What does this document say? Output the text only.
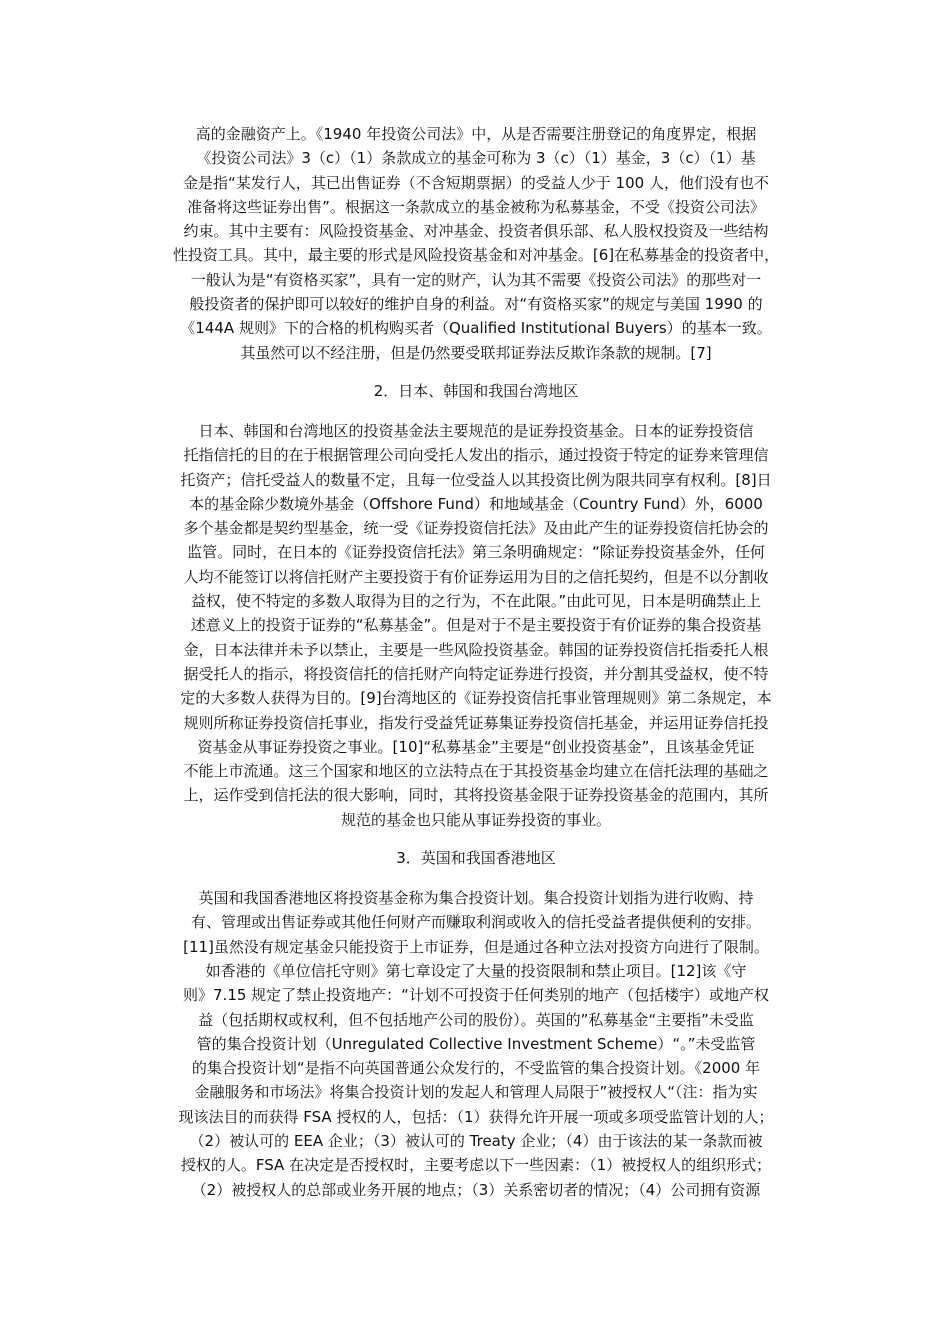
高的金融资产上。《1940 年投资公司法》中，从是否需要注册登记的角度界定，根据
《投资公司法》3（c）（1）条款成立的基金可称为 3（c）（1）基金，3（c）（1）基
金是指“某发行人，其已出售证券（不含短期票据）的受益人少于 100 人，他们没有也不
准备将这些证券出售”。根据这一条款成立的基金被称为私募基金，不受《投资公司法》
约束。其中主要有：风险投资基金、对冲基金、投资者俱乐部、私人股权投资及一些结构
性投资工具。其中，最主要的形式是风险投资基金和对冲基金。[6]在私募基金的投资者中，
一般认为是“有资格买家”，具有一定的财产，认为其不需要《投资公司法》的那些对一
般投资者的保护即可以较好的维护自身的利益。对“有资格买家”的规定与美国 1990 的
《144A 规则》下的合格的机构购买者（Qualified Institutional Buyers）的基本一致。
其虽然可以不经注册，但是仍然要受联邦证券法反欺诈条款的规制。[7]
2．日本、韩国和我国台湾地区
日本、韩国和台湾地区的投资基金法主要规范的是证券投资基金。日本的证券投资信
托指信托的目的在于根据管理公司向受托人发出的指示，通过投资于特定的证券来管理信
托资产；信托受益人的数量不定，且每一位受益人以其投资比例为限共同享有权利。[8]日
本的基金除少数境外基金（Offshore Fund）和地域基金（Country Fund）外，6000
多个基金都是契约型基金，统一受《证券投资信托法》及由此产生的证券投资信托协会的
监管。同时，在日本的《证券投资信托法》第三条明确规定：“除证券投资基金外，任何
人均不能签订以将信托财产主要投资于有价证券运用为目的之信托契约，但是不以分割收
益权，使不特定的多数人取得为目的之行为，不在此限。”由此可见，日本是明确禁止上
述意义上的投资于证券的“私募基金”。但是对于不是主要投资于有价证券的集合投资基
金，日本法律并未予以禁止，主要是一些风险投资基金。韩国的证券投资信托指委托人根
据受托人的指示，将投资信托的信托财产向特定证券进行投资，并分割其受益权，使不特
定的大多数人获得为目的。[9]台湾地区的《证券投资信托事业管理规则》第二条规定，本
规则所称证券投资信托事业，指发行受益凭证募集证券投资信托基金，并运用证券信托投
资基金从事证券投资之事业。[10]“私募基金”主要是“创业投资基金”，且该基金凭证
不能上市流通。这三个国家和地区的立法特点在于其投资基金均建立在信托法理的基础之
上，运作受到信托法的很大影响，同时，其将投资基金限于证券投资基金的范围内，其所
规范的基金也只能从事证券投资的事业。
3．英国和我国香港地区
英国和我国香港地区将投资基金称为集合投资计划。集合投资计划指为进行收购、持
有、管理或出售证券或其他任何财产而赚取利润或收入的信托受益者提供便利的安排。
[11]虽然没有规定基金只能投资于上市证券，但是通过各种立法对投资方向进行了限制。
如香港的《单位信托守则》第七章设定了大量的投资限制和禁止项目。[12]该《守
则》7.15 规定了禁止投资地产：“计划不可投资于任何类别的地产（包括楼宇）或地产权
益（包括期权或权利，但不包括地产公司的股份）。英国的”私募基金“主要指”未受监
管的集合投资计划（Unregulated Collective Investment Scheme）“。”未受监管
的集合投资计划“是指不向英国普通公众发行的，不受监管的集合投资计划。《2000 年
金融服务和市场法》将集合投资计划的发起人和管理人局限于”被授权人“（注：指为实
现该法目的而获得 FSA 授权的人，包括：（1）获得允许开展一项或多项受监管计划的人；
（2）被认可的 EEA 企业；（3）被认可的 Treaty 企业；（4）由于该法的某一条款而被
授权的人。FSA 在决定是否授权时，主要考虑以下一些因素：（1）被授权人的组织形式；
（2）被授权人的总部或业务开展的地点；（3）关系密切者的情况；（4）公司拥有资源
